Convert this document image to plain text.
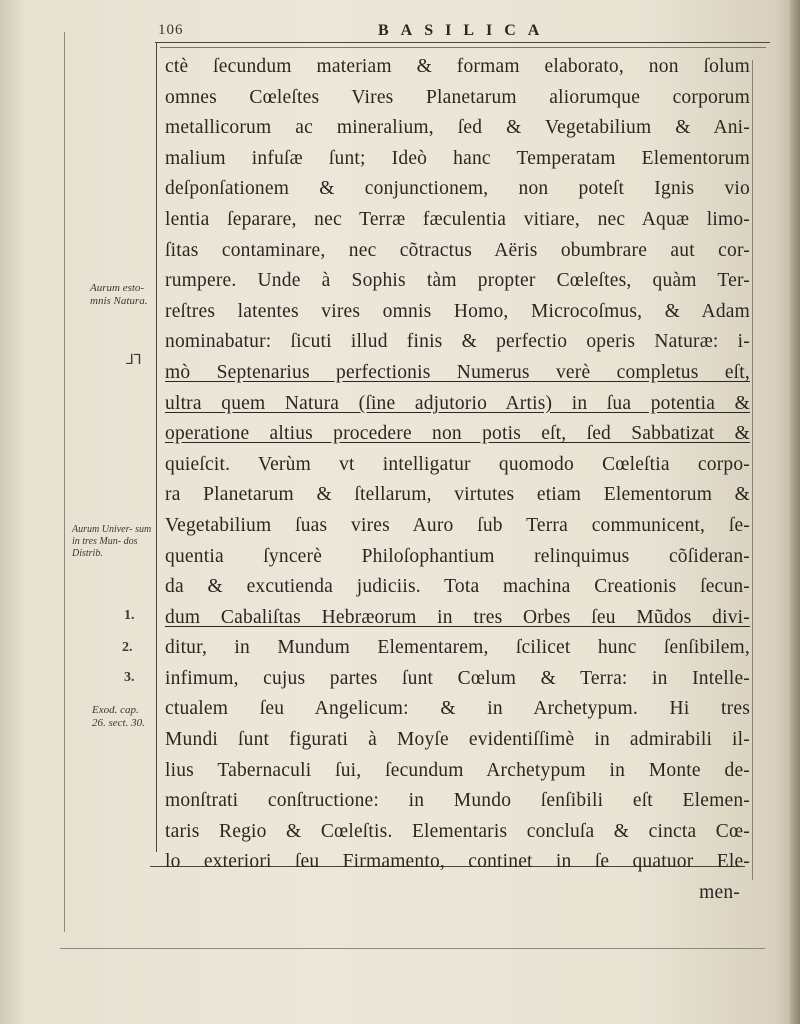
106	BASILICA
Aurum esto- mnis Natura.
Aurum Univer- sum in tres Mun- dos Distrib.
Exod. cap. 26. sect. 30.
1.
2.
3.
⅃⅂
ctè ſecundum materiam & formam elaborato, non ſolum
omnes Cœleſtes Vires Planetarum aliorumque corporum
metallicorum ac mineralium, ſed & Vegetabilium & Ani-
malium infuſæ ſunt; Ideò hanc Temperatam Elementorum
deſponſationem & conjunctionem, non poteſt Ignis vio
lentia ſeparare, nec Terræ fæculentia vitiare, nec Aquæ limo-
ſitas contaminare, nec cõtractus Aëris obumbrare aut cor-
rumpere. Unde à Sophis tàm propter Cœleſtes, quàm Ter-
reſtres latentes vires omnis Homo, Microcoſmus, & Adam
nominabatur: ſicuti illud finis & perfectio operis Naturæ: i-
mò Septenarius perfectionis Numerus verè completus eſt,
ultra quem Natura (ſine adjutorio Artis) in ſua potentia &
operatione altius procedere non potis eſt, ſed Sabbatizat &
quieſcit. Verùm vt intelligatur quomodo Cœleſtia corpo-
ra Planetarum & ſtellarum, virtutes etiam Elementorum &
Vegetabilium ſuas vires Auro ſub Terra communicent, ſe-
quentia ſyncerè Philoſophantium relinquimus cõſideran-
da & excutienda judiciis. Tota machina Creationis ſecun-
dum Cabaliſtas Hebræorum in tres Orbes ſeu Mũdos divi-
ditur, in Mundum Elementarem, ſcilicet hunc ſenſibilem,
infimum, cujus partes ſunt Cœlum & Terra: in Intelle-
ctualem ſeu Angelicum: & in Archetypum. Hi tres
Mundi ſunt figurati à Moyſe evidentiſſimè in admirabili il-
lius Tabernaculi ſui, ſecundum Archetypum in Monte de-
monſtrati conſtructione: in Mundo ſenſibili eſt Elemen-
taris Regio & Cœleſtis. Elementaris concluſa & cincta Cœ-
lo exteriori ſeu Firmamento, continet in ſe quatuor Ele-
men-
